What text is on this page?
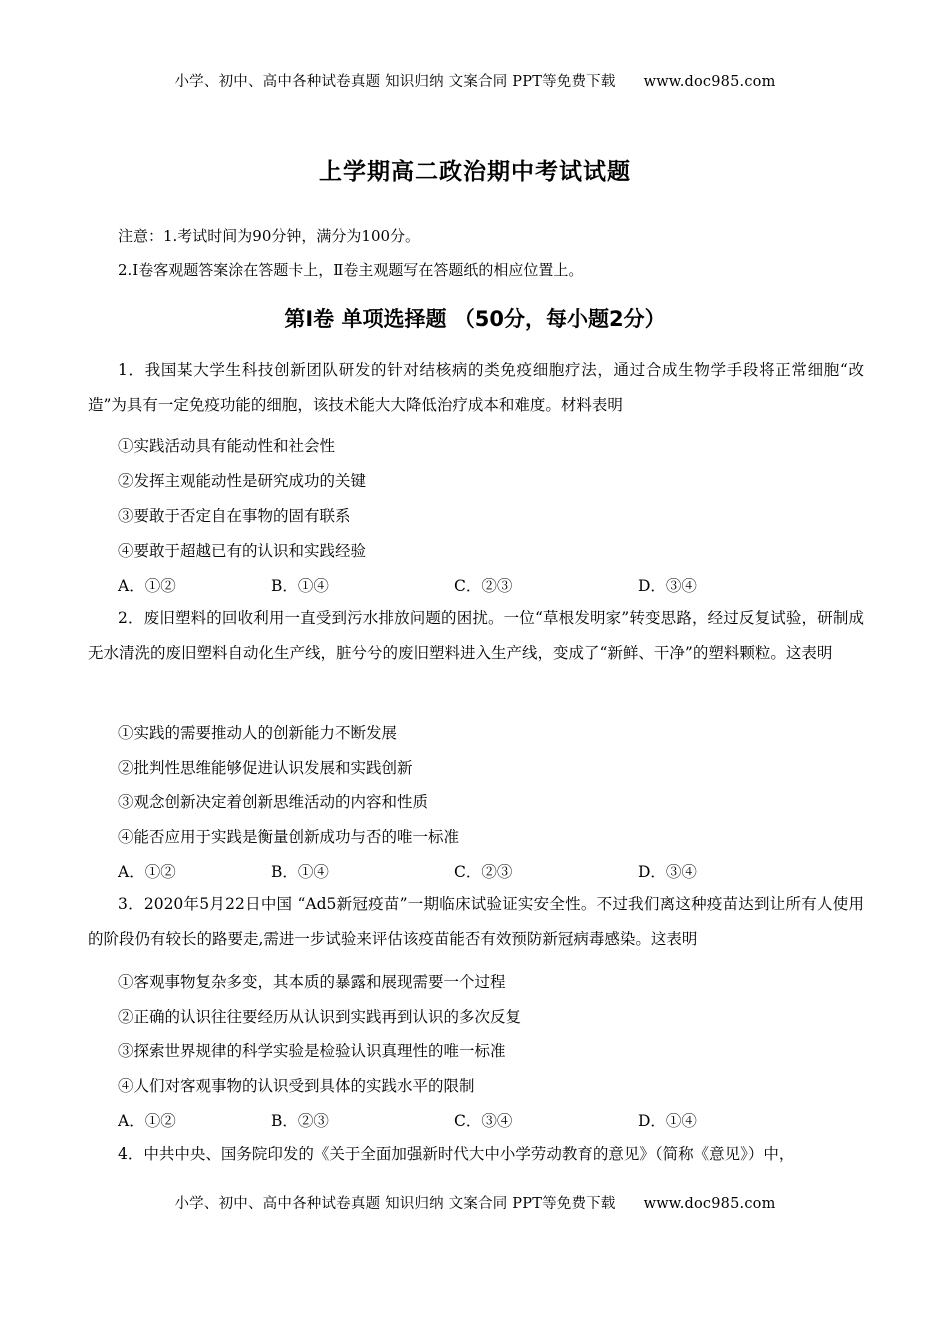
小学、初中、高中各种试卷真题 知识归纳 文案合同 PPT等免费下载 www.doc985.com
上学期高二政治期中考试试题
注意：1.考试时间为90分钟，满分为100分。
2.I卷客观题答案涂在答题卡上，Ⅱ卷主观题写在答题纸的相应位置上。
第Ⅰ卷 单项选择题 （50分，每小题2分）

1．我国某大学生科技创新团队研发的针对结核病的类免疫细胞疗法，通过合成生物学手段将正常细胞“改造”为具有一定免疫功能的细胞，该技术能大大降低治疗成本和难度。材料表明

①实践活动具有能动性和社会性
②发挥主观能动性是研究成功的关键
③要敢于否定自在事物的固有联系
④要敢于超越已有的认识和实践经验
A．①②	B．①④	C．②③	D．③④

2．废旧塑料的回收利用一直受到污水排放问题的困扰。一位“草根发明家”转变思路，经过反复试验，研制成无水清洗的废旧塑料自动化生产线，脏兮兮的废旧塑料进入生产线，变成了“新鲜、干净”的塑料颗粒。这表明

①实践的需要推动人的创新能力不断发展
②批判性思维能够促进认识发展和实践创新
③观念创新决定着创新思维活动的内容和性质
④能否应用于实践是衡量创新成功与否的唯一标准
A．①②	B．①④	C．②③	D．③④

3．2020年5月22日中国 “Ad5新冠疫苗”一期临床试验证实安全性。不过我们离这种疫苗达到让所有人使用的阶段仍有较长的路要走,需进一步试验来评估该疫苗能否有效预防新冠病毒感染。这表明

①客观事物复杂多变，其本质的暴露和展现需要一个过程
②正确的认识往往要经历从认识到实践再到认识的多次反复
③探索世界规律的科学实验是检验认识真理性的唯一标准
④人们对客观事物的认识受到具体的实践水平的限制
A．①②	B．②③	C．③④	D．①④

4．中共中央、国务院印发的《关于全面加强新时代大中小学劳动教育的意见》（简称《意见》）中，

小学、初中、高中各种试卷真题 知识归纳 文案合同 PPT等免费下载 www.doc985.com
